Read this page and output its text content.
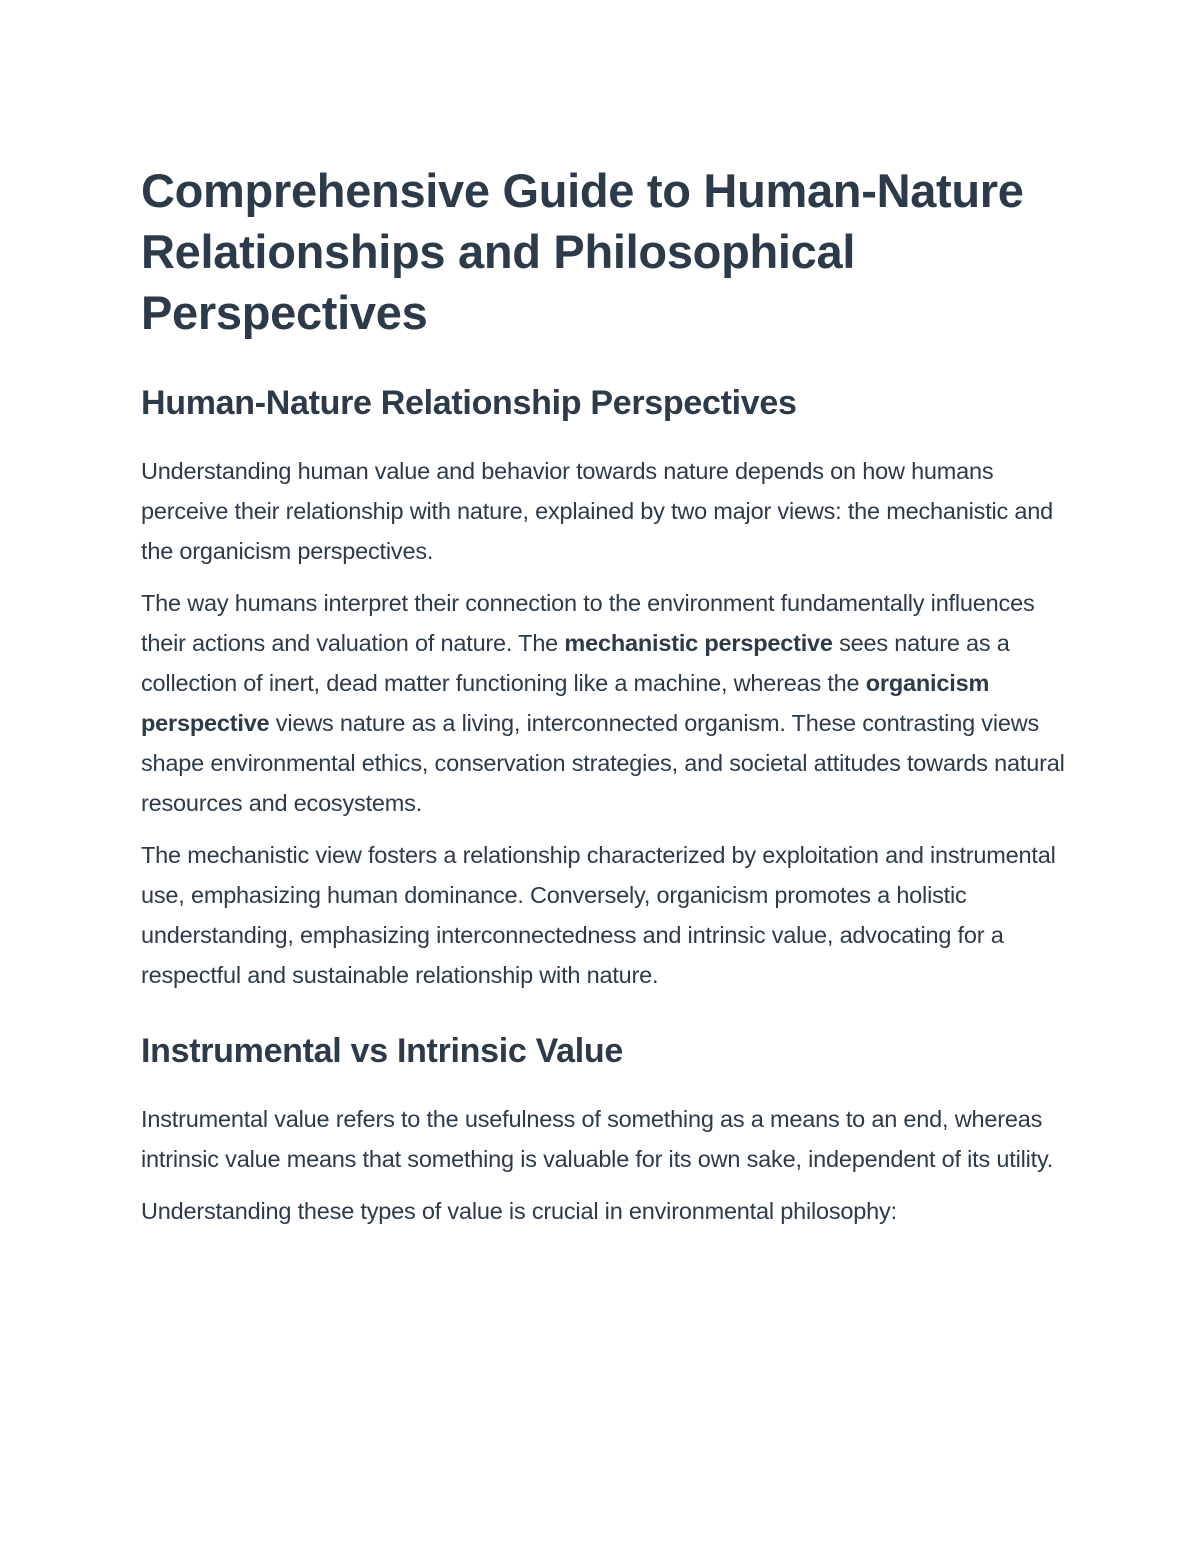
Comprehensive Guide to Human-Nature Relationships and Philosophical Perspectives
Human-Nature Relationship Perspectives

Understanding human value and behavior towards nature depends on how humans perceive their relationship with nature, explained by two major views: the mechanistic and the organicism perspectives.

The way humans interpret their connection to the environment fundamentally influences their actions and valuation of nature. The mechanistic perspective sees nature as a collection of inert, dead matter functioning like a machine, whereas the organicism perspective views nature as a living, interconnected organism. These contrasting views shape environmental ethics, conservation strategies, and societal attitudes towards natural resources and ecosystems.

The mechanistic view fosters a relationship characterized by exploitation and instrumental use, emphasizing human dominance. Conversely, organicism promotes a holistic understanding, emphasizing interconnectedness and intrinsic value, advocating for a respectful and sustainable relationship with nature.

Instrumental vs Intrinsic Value

Instrumental value refers to the usefulness of something as a means to an end, whereas intrinsic value means that something is valuable for its own sake, independent of its utility.

Understanding these types of value is crucial in environmental philosophy:
